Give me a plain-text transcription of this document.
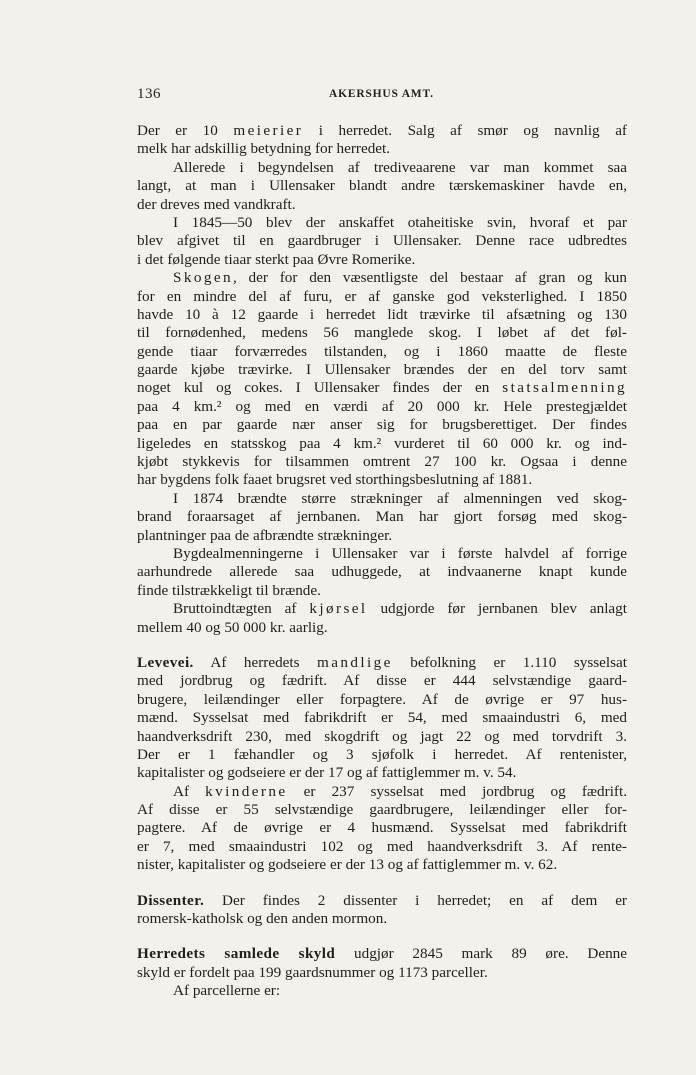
136	AKERSHUS AMT.
Der er 10 meierier i herredet. Salg af smør og navnlig af
melk har adskillig betydning for herredet.
Allerede i begyndelsen af trediveaarene var man kommet saa
langt, at man i Ullensaker blandt andre tærskemaskiner havde en,
der dreves med vandkraft.
I 1845—50 blev der anskaffet otaheitiske svin, hvoraf et par
blev afgivet til en gaardbruger i Ullensaker. Denne race udbredtes
i det følgende tiaar sterkt paa Øvre Romerike.
Skogen, der for den væsentligste del bestaar af gran og kun
for en mindre del af furu, er af ganske god veksterlighed. I 1850
havde 10 à 12 gaarde i herredet lidt trævirke til afsætning og 130
til fornødenhed, medens 56 manglede skog. I løbet af det føl-
gende tiaar forværredes tilstanden, og i 1860 maatte de fleste
gaarde kjøbe trævirke. I Ullensaker brændes der en del torv samt
noget kul og cokes. I Ullensaker findes der en statsalmenning
paa 4 km.² og med en værdi af 20 000 kr. Hele prestegjældet
paa en par gaarde nær anser sig for brugsberettiget. Der findes
ligeledes en statsskog paa 4 km.² vurderet til 60 000 kr. og ind-
kjøbt stykkevis for tilsammen omtrent 27 100 kr. Ogsaa i denne
har bygdens folk faaet brugsret ved storthingsbeslutning af 1881.
I 1874 brændte større strækninger af almenningen ved skog-
brand foraarsaget af jernbanen. Man har gjort forsøg med skog-
plantninger paa de afbrændte strækninger.
Bygdealmenningerne i Ullensaker var i første halvdel af forrige
aarhundrede allerede saa udhuggede, at indvaanerne knapt kunde
finde tilstrækkeligt til brænde.
Bruttoindtægten af kjørsel udgjorde før jernbanen blev anlagt
mellem 40 og 50 000 kr. aarlig.
Levevei. Af herredets mandlige befolkning er 1.110 sysselsat
med jordbrug og fædrift. Af disse er 444 selvstændige gaard-
brugere, leilændinger eller forpagtere. Af de øvrige er 97 hus-
mænd. Sysselsat med fabrikdrift er 54, med smaaindustri 6, med
haandverksdrift 230, med skogdrift og jagt 22 og med torvdrift 3.
Der er 1 fæhandler og 3 sjøfolk i herredet. Af rentenister,
kapitalister og godseiere er der 17 og af fattiglemmer m. v. 54.
Af kvinderne er 237 sysselsat med jordbrug og fædrift.
Af disse er 55 selvstændige gaardbrugere, leilændinger eller for-
pagtere. Af de øvrige er 4 husmænd. Sysselsat med fabrikdrift
er 7, med smaaindustri 102 og med haandverksdrift 3. Af rente-
nister, kapitalister og godseiere er der 13 og af fattiglemmer m. v. 62.
Dissenter. Der findes 2 dissenter i herredet; en af dem er
romersk-katholsk og den anden mormon.
Herredets samlede skyld udgjør 2845 mark 89 øre. Denne
skyld er fordelt paa 199 gaardsnummer og 1173 parceller.
Af parcellerne er:
